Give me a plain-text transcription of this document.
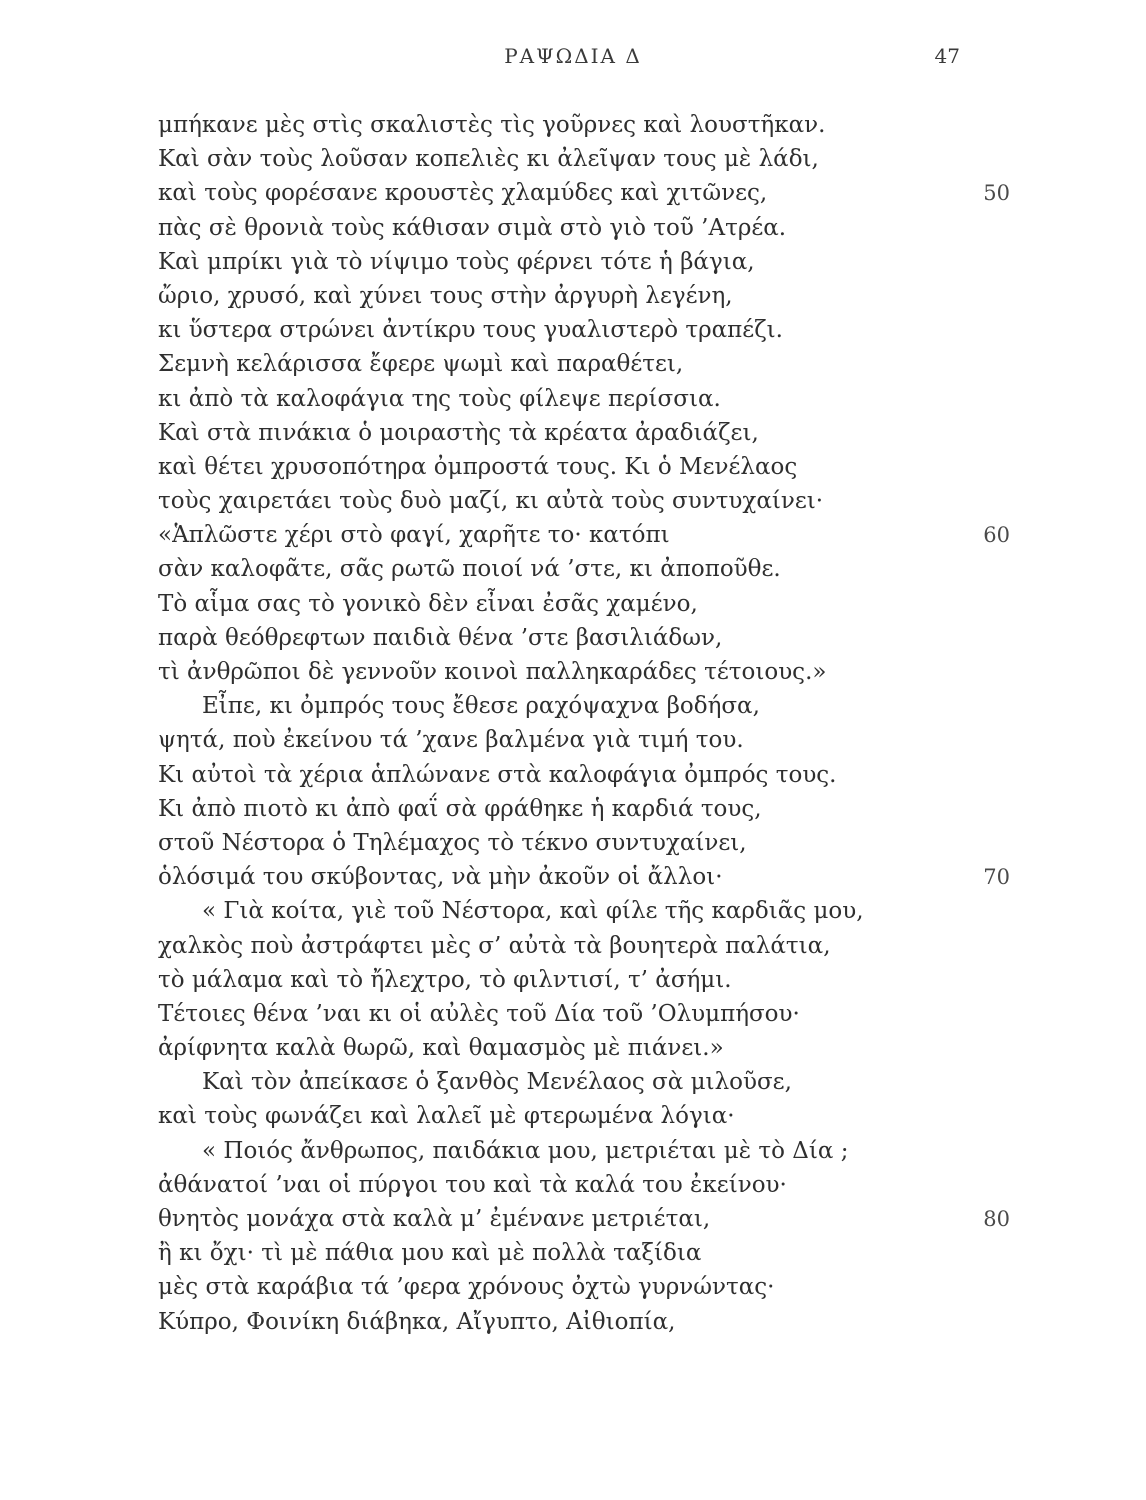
ΡΑΨΩΔΙΑ Δ	47
μπήκανε μὲς στὶς σκαλιστὲς τὶς γοῦρνες καὶ λουστῆκαν.
Καὶ σὰν τοὺς λοῦσαν κοπελιὲς κι ἀλεῖψαν τους μὲ λάδι,
καὶ τοὺς φορέσανε κρουστὲς χλαμύδες καὶ χιτῶνες,
πὰς σὲ θρονιὰ τοὺς κάθισαν σιμὰ στὸ γιὸ τοῦ ’Ατρέα.
Καὶ μπρίκι γιὰ τὸ νίψιμο τοὺς φέρνει τότε ἡ βάγια,
ὤριο, χρυσό, καὶ χύνει τους στὴν ἀργυρὴ λεγένη,
κι ὕστερα στρώνει ἀντίκρυ τους γυαλιστερὸ τραπέζι.
Σεμνὴ κελάρισσα ἔφερε ψωμὶ καὶ παραθέτει,
κι ἀπὸ τὰ καλοφάγια της τοὺς φίλεψε περίσσια.
Καὶ στὰ πινάκια ὁ μοιραστὴς τὰ κρέατα ἀραδιάζει,
καὶ θέτει χρυσοπότηρα ὀμπροστά τους. Κι ὁ Μενέλαος
τοὺς χαιρετάει τοὺς δυὸ μαζί, κι αὐτὰ τοὺς συντυχαίνει·
«Ἁπλῶστε χέρι στὸ φαγί, χαρῆτε το· κατόπι
σὰν καλοφᾶτε, σᾶς ρωτῶ ποιοί νά ’στε, κι ἀποποῦθε.
Τὸ αἷμα σας τὸ γονικὸ δὲν εἶναι ἐσᾶς χαμένο,
παρὰ θεόθρεφτων παιδιὰ θένα ’στε βασιλιάδων,
τὶ ἀνθρῶποι δὲ γεννοῦν κοινοὶ παλληκαράδες τέτοιους.»
Εἶπε, κι ὀμπρός τους ἔθεσε ραχόψαχνα βοδήσα,
ψητά, ποὺ ἐκείνου τά ’χανε βαλμένα γιὰ τιμή του.
Κι αὐτοὶ τὰ χέρια ἁπλώνανε στὰ καλοφάγια ὀμπρός τους.
Κι ἀπὸ πιοτὸ κι ἀπὸ φαΐ σὰ φράθηκε ἡ καρδιά τους,
στοῦ Νέστορα ὁ Τηλέμαχος τὸ τέκνο συντυχαίνει,
ὁλόσιμά του σκύβοντας, νὰ μὴν ἀκοῦν οἱ ἄλλοι·
« Γιὰ κοίτα, γιὲ τοῦ Νέστορα, καὶ φίλε τῆς καρδιᾶς μου,
χαλκὸς ποὺ ἀστράφτει μὲς σ’ αὐτὰ τὰ βουητερὰ παλάτια,
τὸ μάλαμα καὶ τὸ ἤλεχτρο, τὸ φιλντισί, τ’ ἀσήμι.
Τέτοιες θένα ’ναι κι οἱ αὐλὲς τοῦ Δία τοῦ ’Ολυμπήσου·
ἀρίφνητα καλὰ θωρῶ, καὶ θαμασμὸς μὲ πιάνει.»
Καὶ τὸν ἀπείκασε ὁ ξανθὸς Μενέλαος σὰ μιλοῦσε,
καὶ τοὺς φωνάζει καὶ λαλεῖ μὲ φτερωμένα λόγια·
« Ποιός ἄνθρωπος, παιδάκια μου, μετριέται μὲ τὸ Δία ;
ἀθάνατοί ’ναι οἱ πύργοι του καὶ τὰ καλά του ἐκείνου·
θνητὸς μονάχα στὰ καλὰ μ’ ἐμένανε μετριέται,
ἢ κι ὄχι· τὶ μὲ πάθια μου καὶ μὲ πολλὰ ταξίδια
μὲς στὰ καράβια τά ’φερα χρόνους ὀχτὼ γυρνώντας·
Κύπρο, Φοινίκη διάβηκα, Αἴγυπτο, Αἰθιοπία,
50
60
70
80
